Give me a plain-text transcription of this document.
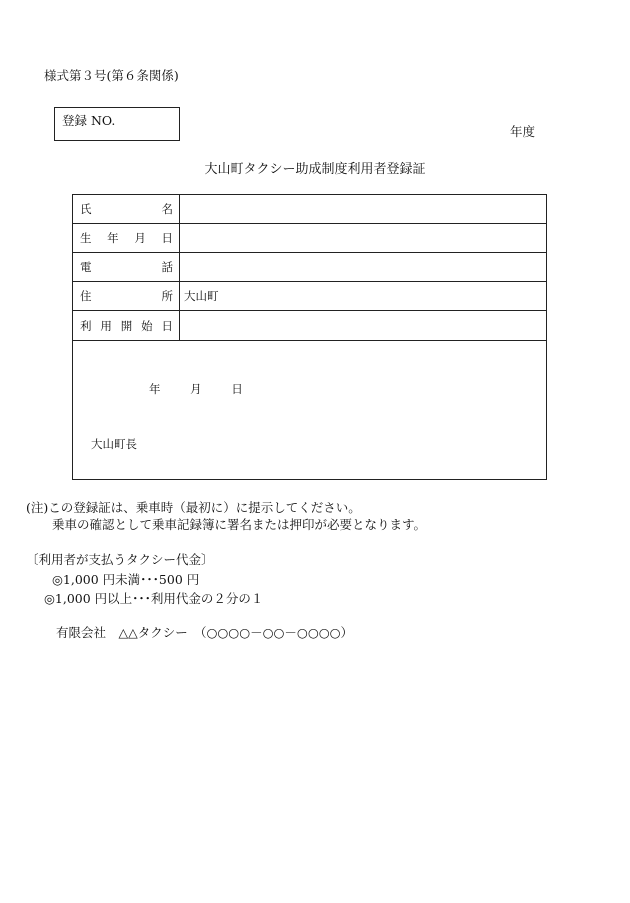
様式第３号(第６条関係)
登録 NO.
年度
大山町タクシー助成制度利用者登録証
氏名
生年月日
電話
住所 大山町
利用開始日
年	月	日
大山町長
(注)この登録証は、乗車時（最初に）に提示してください。
乗車の確認として乗車記録簿に署名または押印が必要となります。
〔利用者が支払うタクシー代金〕
◎1,000 円未満･･･500 円
◎1,000 円以上･･･利用代金の２分の１
有限会社　△△タクシー　（○○○○－○○－○○○○）
